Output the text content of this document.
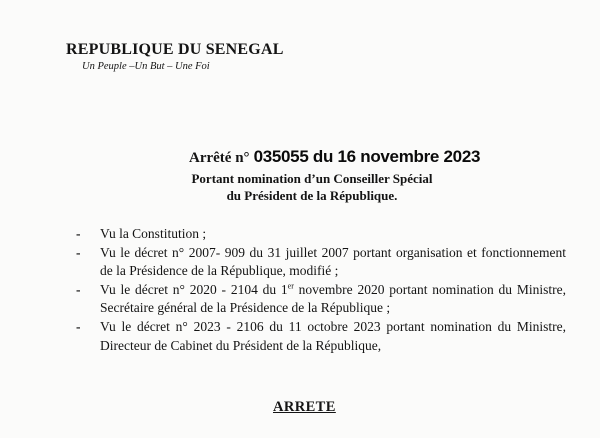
REPUBLIQUE DU SENEGAL
Un Peuple –Un But – Une Foi
Arrêté n° 035055 du 16 novembre 2023
Portant nomination d’un Conseiller Spécial
du Président de la République.
- Vu la Constitution ;
- Vu le décret n° 2007- 909 du 31 juillet 2007 portant organisation et fonctionnement de la Présidence de la République, modifié ;
- Vu le décret n° 2020 - 2104 du 1er novembre 2020 portant nomination du Ministre, Secrétaire général de la Présidence de la République ;
- Vu le décret n° 2023 - 2106 du 11 octobre 2023 portant nomination du Ministre, Directeur de Cabinet du Président de la République,
ARRETE
